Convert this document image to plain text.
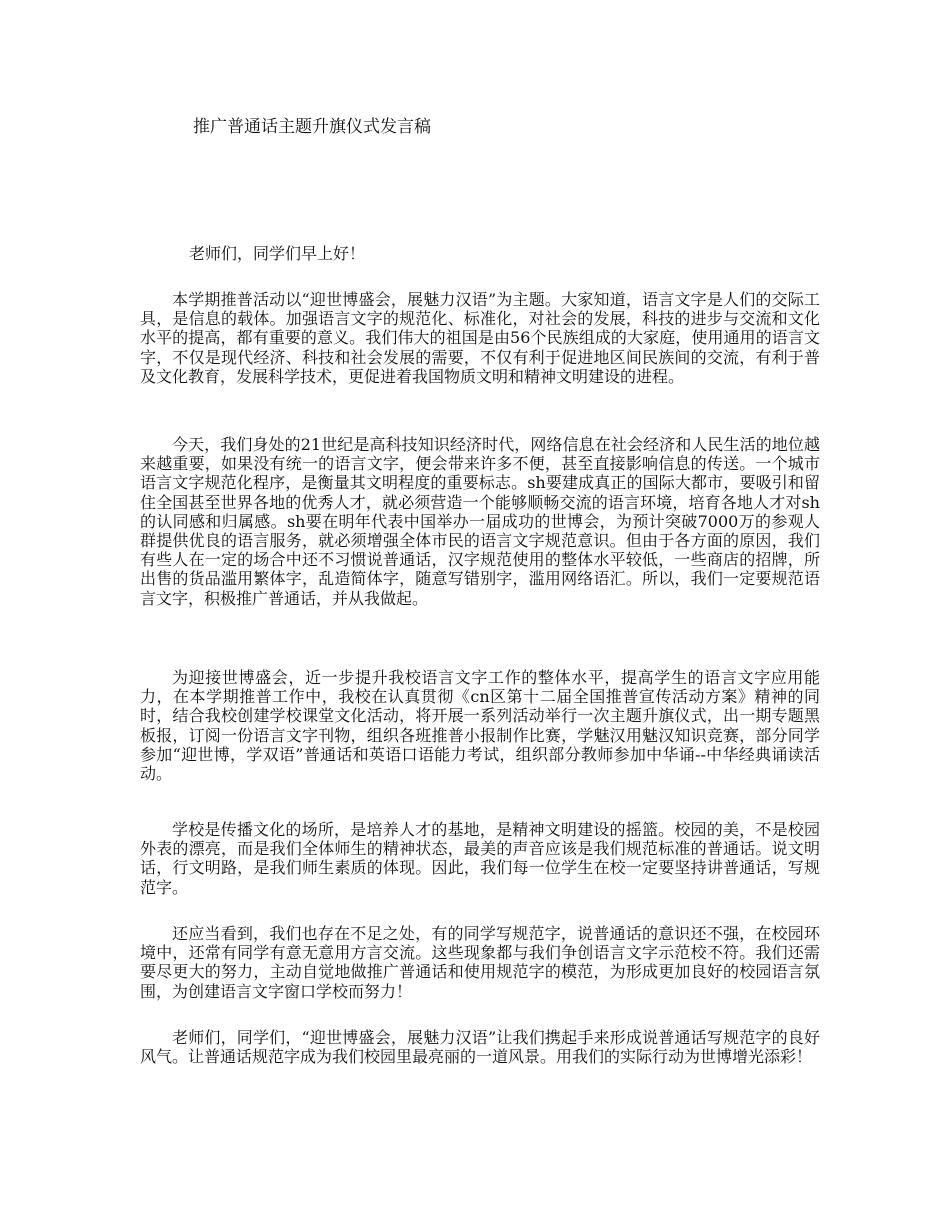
推广普通话主题升旗仪式发言稿

老师们，同学们早上好！

本学期推普活动以“迎世博盛会，展魅力汉语”为主题。大家知道，语言文字是人们的交际工具，是信息的载体。加强语言文字的规范化、标准化，对社会的发展，科技的进步与交流和文化水平的提高，都有重要的意义。我们伟大的祖国是由56个民族组成的大家庭，使用通用的语言文字，不仅是现代经济、科技和社会发展的需要，不仅有利于促进地区间民族间的交流，有利于普及文化教育，发展科学技术，更促进着我国物质文明和精神文明建设的进程。

今天，我们身处的21世纪是高科技知识经济时代，网络信息在社会经济和人民生活的地位越来越重要，如果没有统一的语言文字，便会带来许多不便，甚至直接影响信息的传送。一个城市语言文字规范化程序，是衡量其文明程度的重要标志。sh要建成真正的国际大都市，要吸引和留住全国甚至世界各地的优秀人才，就必须营造一个能够顺畅交流的语言环境，培育各地人才对sh的认同感和归属感。sh要在明年代表中国举办一届成功的世博会，为预计突破7000万的参观人群提供优良的语言服务，就必须增强全体市民的语言文字规范意识。但由于各方面的原因，我们有些人在一定的场合中还不习惯说普通话，汉字规范使用的整体水平较低，一些商店的招牌，所出售的货品滥用繁体字，乱造简体字，随意写错别字，滥用网络语汇。所以，我们一定要规范语言文字，积极推广普通话，并从我做起。

为迎接世博盛会，近一步提升我校语言文字工作的整体水平，提高学生的语言文字应用能力，在本学期推普工作中，我校在认真贯彻《cn区第十二届全国推普宣传活动方案》精神的同时，结合我校创建学校课堂文化活动，将开展一系列活动举行一次主题升旗仪式，出一期专题黑板报，订阅一份语言文字刊物，组织各班推普小报制作比赛，学魅汉用魅汉知识竞赛，部分同学参加“迎世博，学双语”普通话和英语口语能力考试，组织部分教师参加中华诵--中华经典诵读活动。

学校是传播文化的场所，是培养人才的基地，是精神文明建设的摇篮。校园的美，不是校园外表的漂亮，而是我们全体师生的精神状态，最美的声音应该是我们规范标准的普通话。说文明话，行文明路，是我们师生素质的体现。因此，我们每一位学生在校一定要坚持讲普通话，写规范字。

还应当看到，我们也存在不足之处，有的同学写规范字，说普通话的意识还不强，在校园环境中，还常有同学有意无意用方言交流。这些现象都与我们争创语言文字示范校不符。我们还需要尽更大的努力，主动自觉地做推广普通话和使用规范字的模范，为形成更加良好的校园语言氛围，为创建语言文字窗口学校而努力！

老师们，同学们，“迎世博盛会，展魅力汉语”让我们携起手来形成说普通话写规范字的良好风气。让普通话规范字成为我们校园里最亮丽的一道风景。用我们的实际行动为世博增光添彩！
